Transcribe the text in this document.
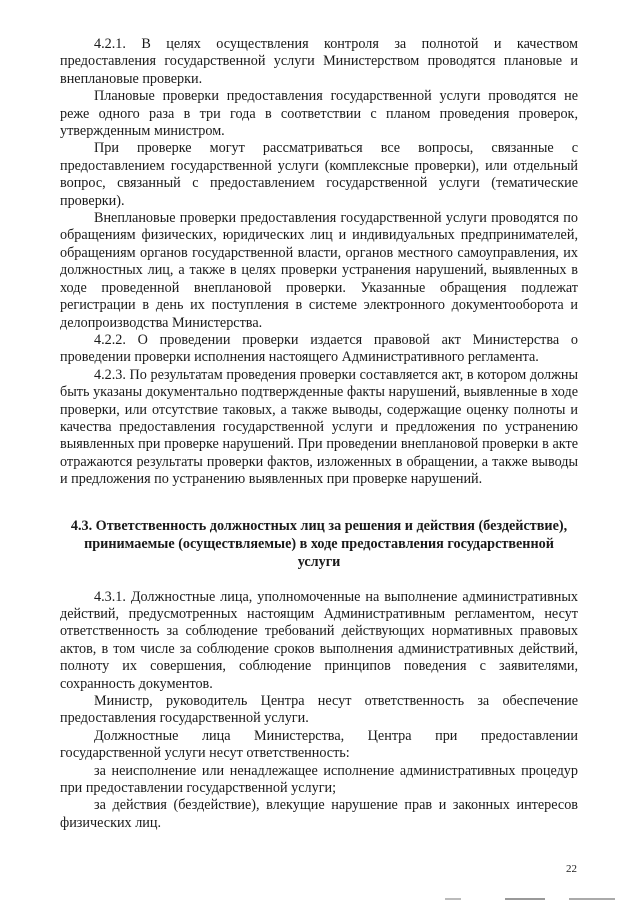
4.2.1. В целях осуществления контроля за полнотой и качеством предоставления государственной услуги Министерством проводятся плановые и внеплановые проверки.

Плановые проверки предоставления государственной услуги проводятся не реже одного раза в три года в соответствии с планом проведения проверок, утвержденным министром.

При проверке могут рассматриваться все вопросы, связанные с предоставлением государственной услуги (комплексные проверки), или отдельный вопрос, связанный с предоставлением государственной услуги (тематические проверки).

Внеплановые проверки предоставления государственной услуги проводятся по обращениям физических, юридических лиц и индивидуальных предпринимателей, обращениям органов государственной власти, органов местного самоуправления, их должностных лиц, а также в целях проверки устранения нарушений, выявленных в ходе проведенной внеплановой проверки. Указанные обращения подлежат регистрации в день их поступления в системе электронного документооборота и делопроизводства Министерства.

4.2.2. О проведении проверки издается правовой акт Министерства о проведении проверки исполнения настоящего Административного регламента.

4.2.3. По результатам проведения проверки составляется акт, в котором должны быть указаны документально подтвержденные факты нарушений, выявленные в ходе проверки, или отсутствие таковых, а также выводы, содержащие оценку полноты и качества предоставления государственной услуги и предложения по устранению выявленных при проверке нарушений. При проведении внеплановой проверки в акте отражаются результаты проверки фактов, изложенных в обращении, а также выводы и предложения по устранению выявленных при проверке нарушений.

4.3. Ответственность должностных лиц за решения и действия (бездействие), принимаемые (осуществляемые) в ходе предоставления государственной услуги

4.3.1. Должностные лица, уполномоченные на выполнение административных действий, предусмотренных настоящим Административным регламентом, несут ответственность за соблюдение требований действующих нормативных правовых актов, в том числе за соблюдение сроков выполнения административных действий, полноту их совершения, соблюдение принципов поведения с заявителями, сохранность документов.

Министр, руководитель Центра несут ответственность за обеспечение предоставления государственной услуги.

Должностные лица Министерства, Центра при предоставлении государственной услуги несут ответственность:

за неисполнение или ненадлежащее исполнение административных процедур при предоставлении государственной услуги;

за действия (бездействие), влекущие нарушение прав и законных интересов физических лиц.

22
